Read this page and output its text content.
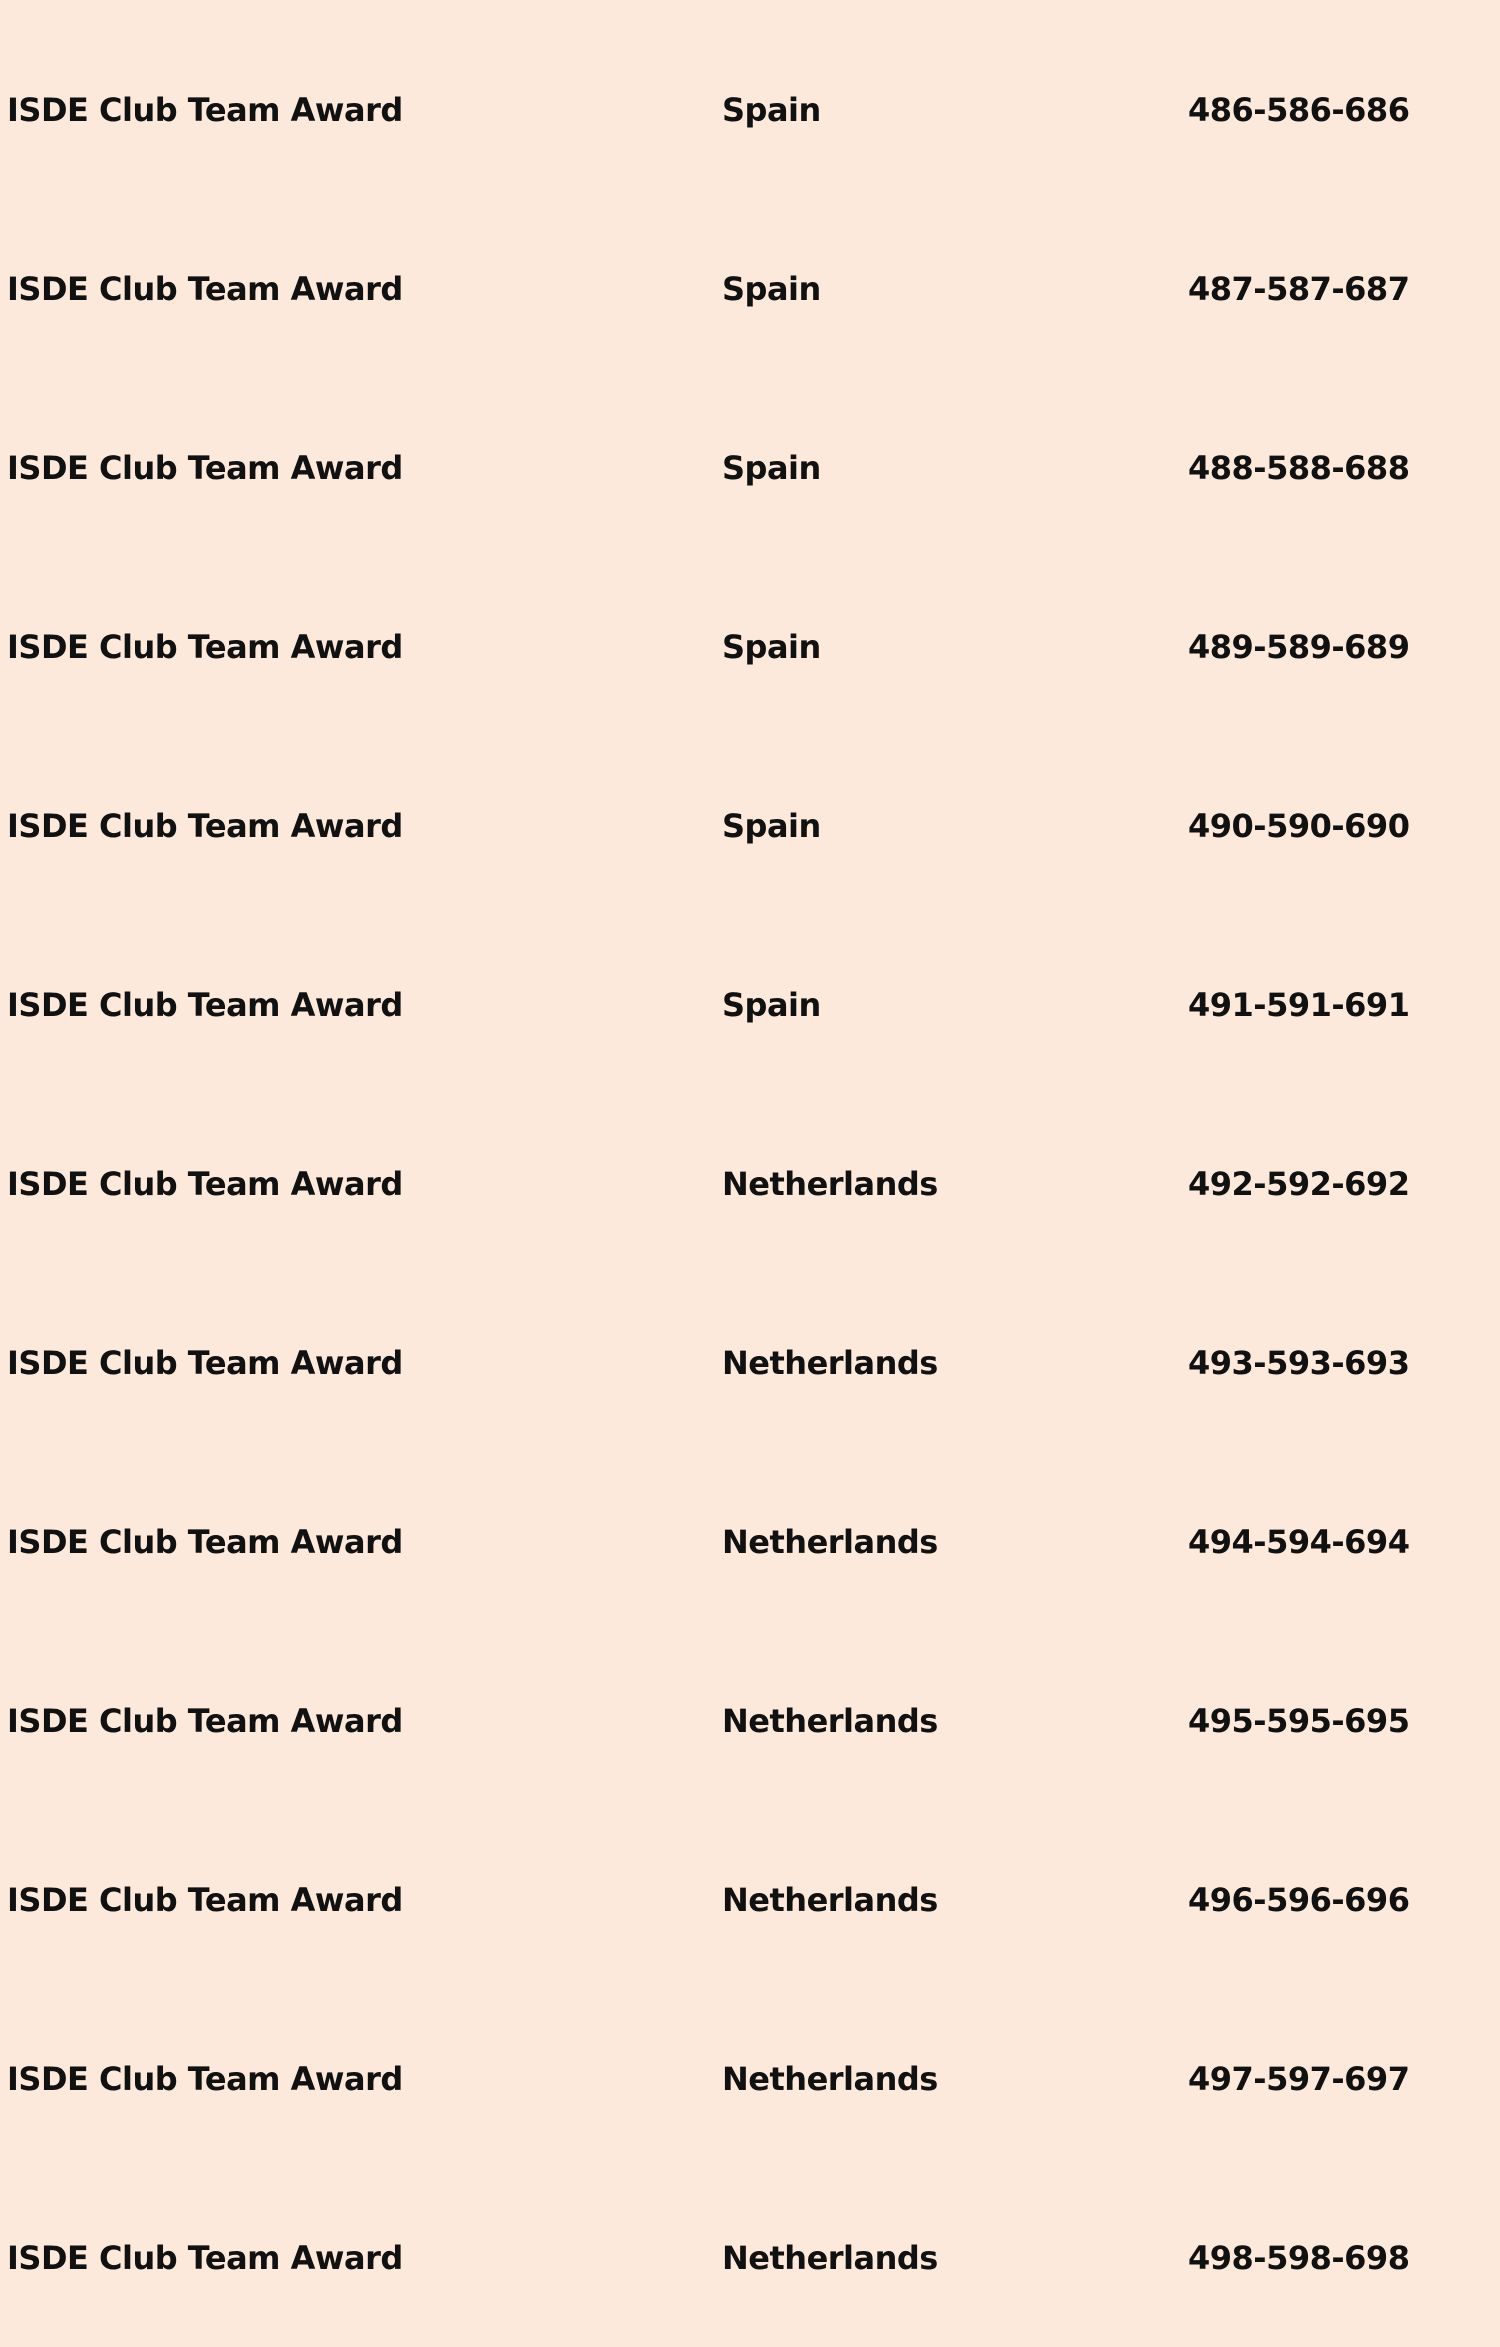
ISDE Club Team Award	Spain	486-586-686
ISDE Club Team Award	Spain	487-587-687
ISDE Club Team Award	Spain	488-588-688
ISDE Club Team Award	Spain	489-589-689
ISDE Club Team Award	Spain	490-590-690
ISDE Club Team Award	Spain	491-591-691
ISDE Club Team Award	Netherlands	492-592-692
ISDE Club Team Award	Netherlands	493-593-693
ISDE Club Team Award	Netherlands	494-594-694
ISDE Club Team Award	Netherlands	495-595-695
ISDE Club Team Award	Netherlands	496-596-696
ISDE Club Team Award	Netherlands	497-597-697
ISDE Club Team Award	Netherlands	498-598-698
